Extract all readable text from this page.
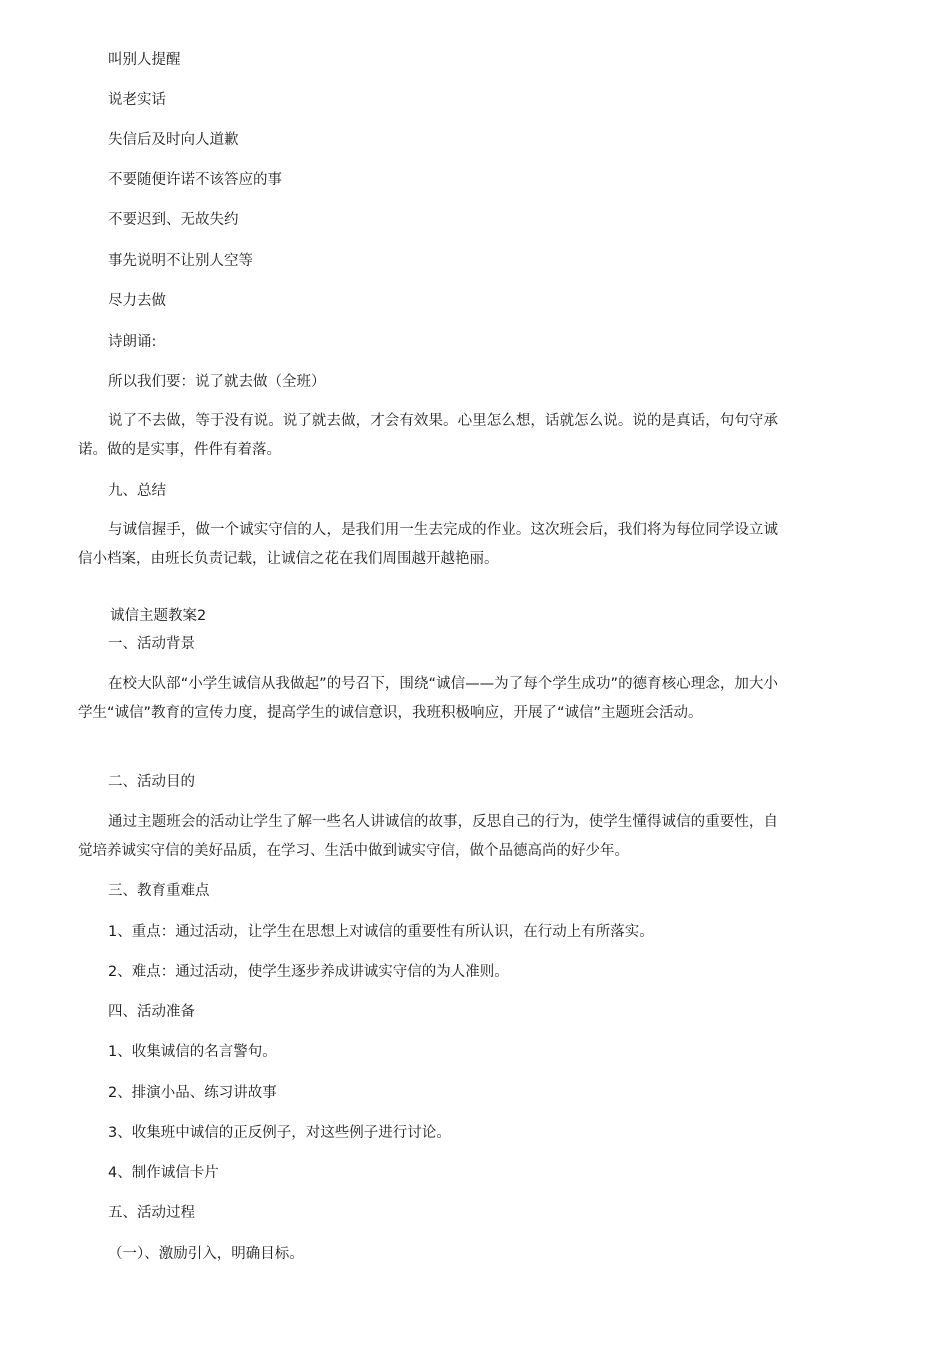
叫别人提醒
说老实话
失信后及时向人道歉
不要随便许诺不该答应的事
不要迟到、无故失约
事先说明不让别人空等
尽力去做
诗朗诵:
所以我们要：说了就去做（全班）
说了不去做，等于没有说。说了就去做，才会有效果。心里怎么想，话就怎么说。说的是真话，句句守承诺。做的是实事，件件有着落。
九、总结
与诚信握手，做一个诚实守信的人，是我们用一生去完成的作业。这次班会后，我们将为每位同学设立诚信小档案，由班长负责记载，让诚信之花在我们周围越开越艳丽。
诚信主题教案2
一、活动背景
在校大队部“小学生诚信从我做起”的号召下，围绕“诚信——为了每个学生成功”的德育核心理念，加大小学生“诚信”教育的宣传力度，提高学生的诚信意识，我班积极响应，开展了“诚信”主题班会活动。
二、活动目的
通过主题班会的活动让学生了解一些名人讲诚信的故事，反思自己的行为，使学生懂得诚信的重要性，自觉培养诚实守信的美好品质，在学习、生活中做到诚实守信，做个品德高尚的好少年。
三、教育重难点
1、重点：通过活动，让学生在思想上对诚信的重要性有所认识，在行动上有所落实。
2、难点：通过活动，使学生逐步养成讲诚实守信的为人准则。
四、活动准备
1、收集诚信的名言警句。
2、排演小品、练习讲故事
3、收集班中诚信的正反例子，对这些例子进行讨论。
4、制作诚信卡片
五、活动过程
（一）、激励引入，明确目标。
